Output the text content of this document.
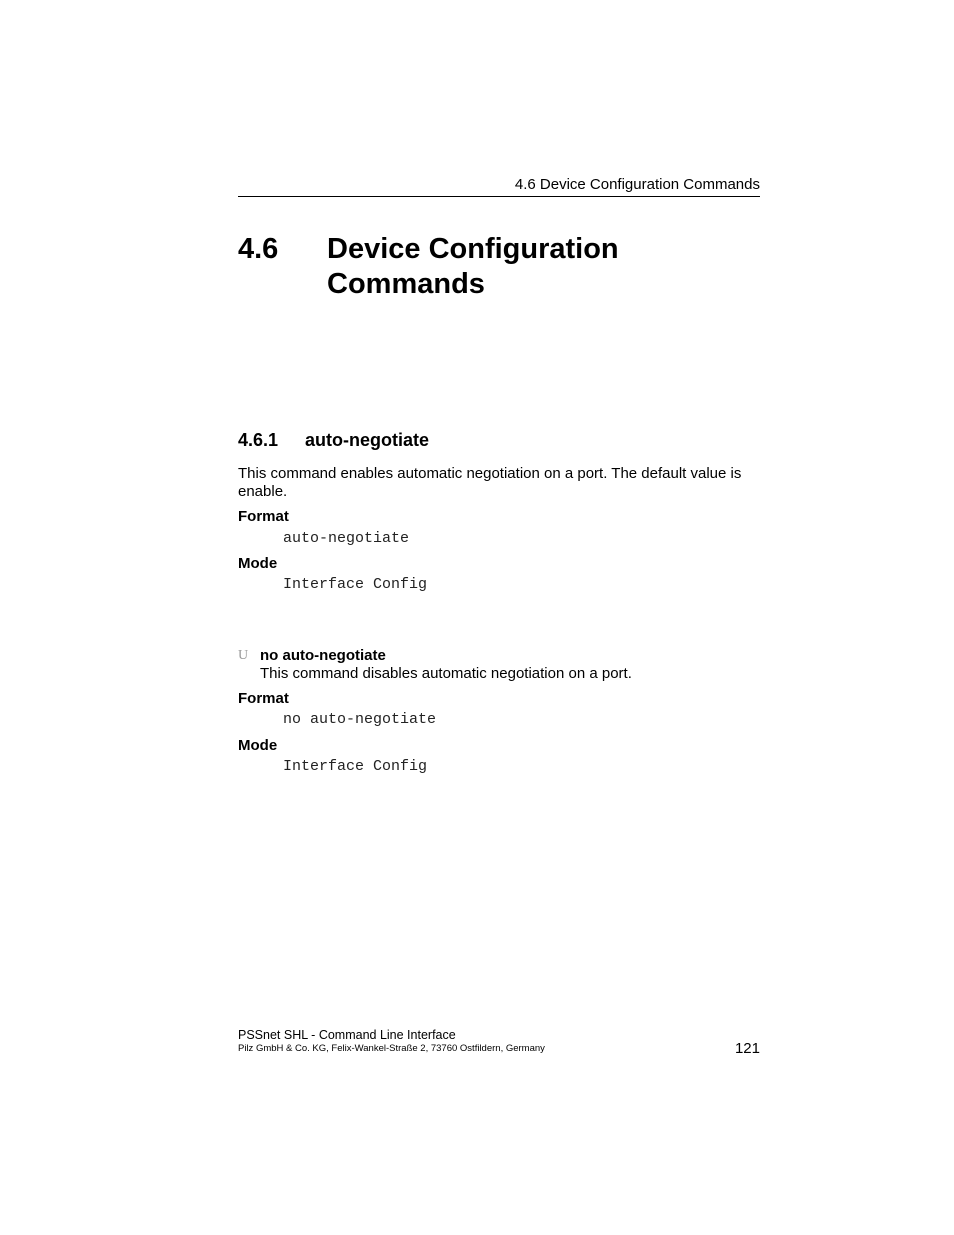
4.6 Device Configuration Commands
4.6 Device Configuration Commands
4.6.1 auto-negotiate
This command enables automatic negotiation on a port. The default value is enable.
Format
auto-negotiate
Mode
Interface Config
U no auto-negotiate
This command disables automatic negotiation on a port.
Format
no auto-negotiate
Mode
Interface Config
PSSnet SHL - Command Line Interface
Pilz GmbH & Co. KG, Felix-Wankel-Straße 2, 73760 Ostfildern, Germany	121
